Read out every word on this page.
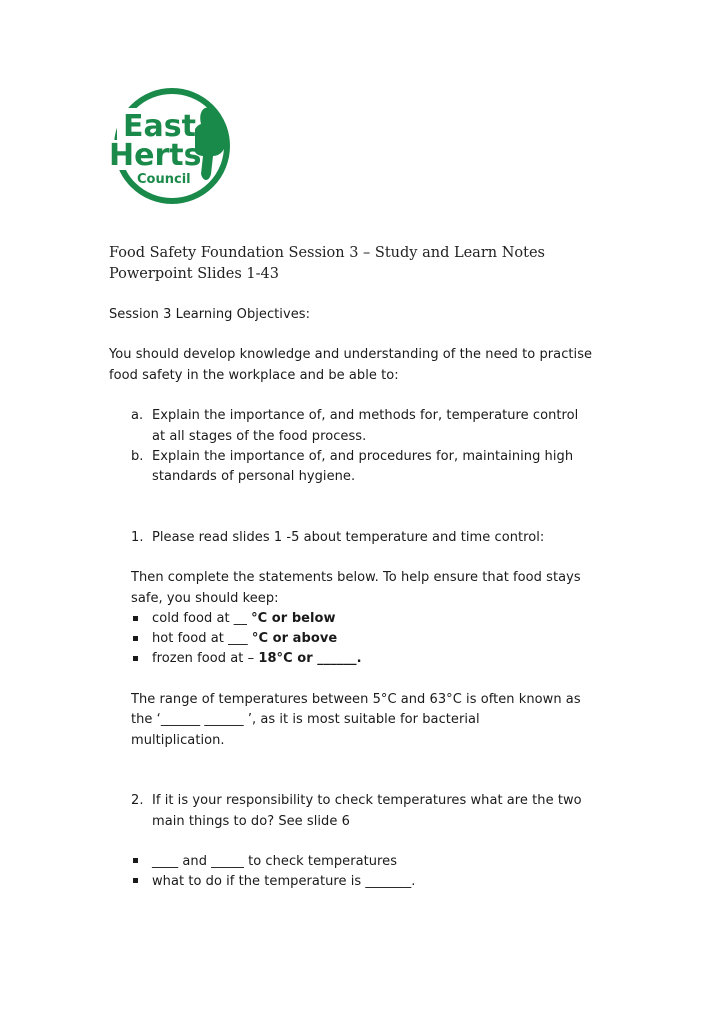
East
Herts
Council
Food Safety Foundation Session 3 – Study and Learn Notes
Powerpoint Slides 1-43
Session 3 Learning Objectives:
You should develop knowledge and understanding of the need to practise
food safety in the workplace and be able to:
a. Explain the importance of, and methods for, temperature control
at all stages of the food process.
b. Explain the importance of, and procedures for, maintaining high
standards of personal hygiene.
1. Please read slides 1 -5 about temperature and time control:
Then complete the statements below. To help ensure that food stays
safe, you should keep:
cold food at __ °C or below
hot food at ___ °C or above
frozen food at – 18°C or ______.
The range of temperatures between 5°C and 63°C is often known as
the ‘______ ______ ’, as it is most suitable for bacterial
multiplication.
2. If it is your responsibility to check temperatures what are the two
main things to do? See slide 6
____ and _____ to check temperatures
what to do if the temperature is _______.
